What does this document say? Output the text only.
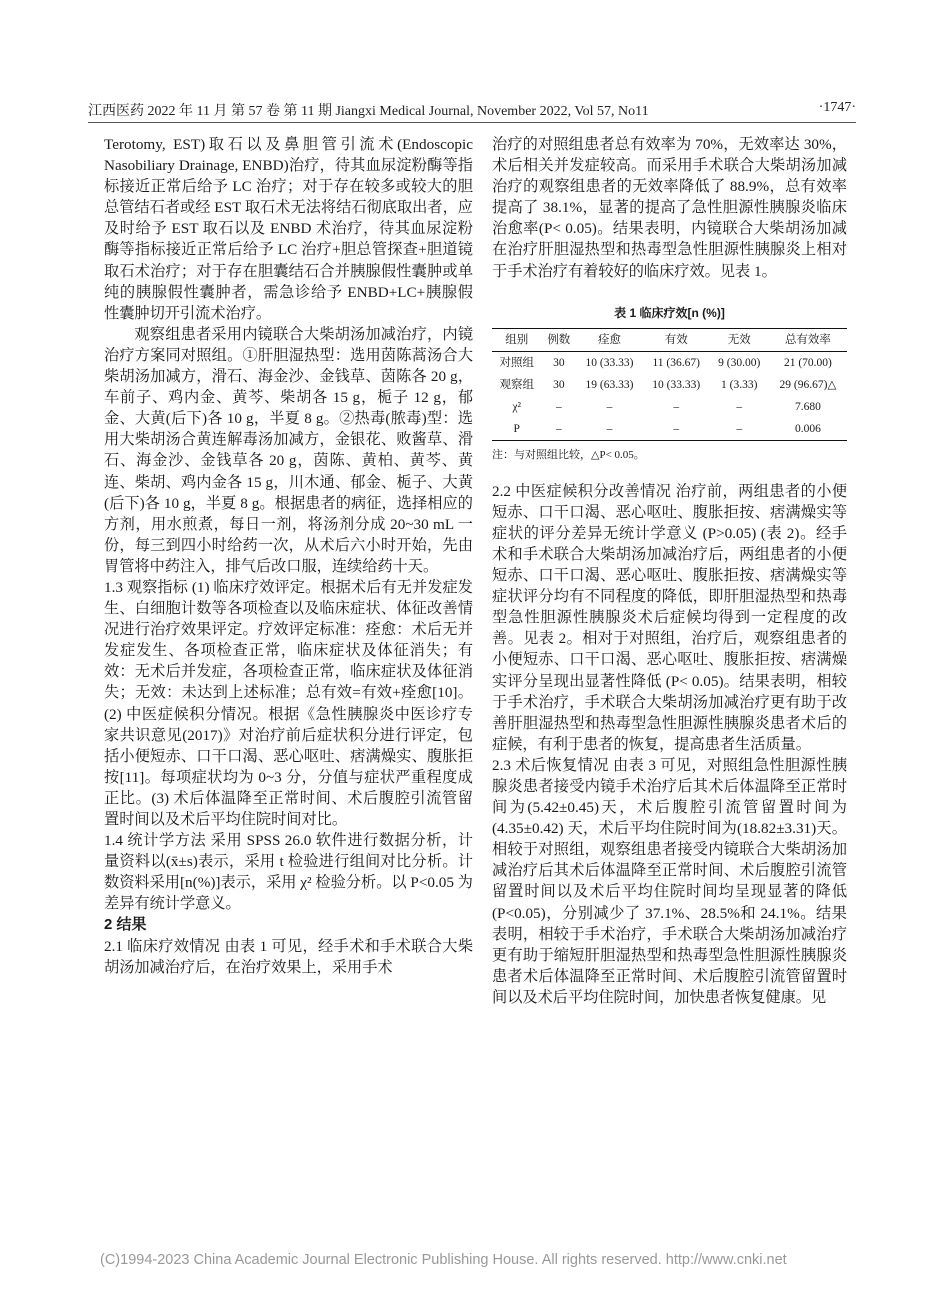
江西医药 2022 年 11 月 第 57 卷 第 11 期 Jiangxi Medical Journal, November 2022, Vol 57, No11	·1747·

Terotomy, EST)取石以及鼻胆管引流术(Endoscopic Nasobiliary Drainage, ENBD)治疗，待其血尿淀粉酶等指标接近正常后给予 LC 治疗；对于存在较多或较大的胆总管结石者或经 EST 取石术无法将结石彻底取出者，应及时给予 EST 取石以及 ENBD 术治疗，待其血尿淀粉酶等指标接近正常后给予 LC 治疗+胆总管探查+胆道镜取石术治疗；对于存在胆囊结石合并胰腺假性囊肿或单纯的胰腺假性囊肿者，需急诊给予 ENBD+LC+胰腺假性囊肿切开引流术治疗。

观察组患者采用内镜联合大柴胡汤加减治疗，内镜治疗方案同对照组。①肝胆湿热型：选用茵陈蒿汤合大柴胡汤加减方，滑石、海金沙、金钱草、茵陈各 20 g，车前子、鸡内金、黄芩、柴胡各 15 g，栀子 12 g，郁金、大黄(后下)各 10 g，半夏 8 g。②热毒(脓毒)型：选用大柴胡汤合黄连解毒汤加减方，金银花、败酱草、滑石、海金沙、金钱草各 20 g，茵陈、黄柏、黄芩、黄连、柴胡、鸡内金各 15 g，川木通、郁金、栀子、大黄(后下)各 10 g，半夏 8 g。根据患者的病征，选择相应的方剂，用水煎煮，每日一剂，将汤剂分成 20~30 mL 一份，每三到四小时给药一次，从术后六小时开始，先由胃管将中药注入，排气后改口服，连续给药十天。

1.3 观察指标 (1) 临床疗效评定。根据术后有无并发症发生、白细胞计数等各项检查以及临床症状、体征改善情况进行治疗效果评定。疗效评定标准：痊愈：术后无并发症发生、各项检查正常，临床症状及体征消失；有效：无术后并发症，各项检查正常，临床症状及体征消失；无效：未达到上述标准；总有效=有效+痊愈[10]。(2) 中医症候积分情况。根据《急性胰腺炎中医诊疗专家共识意见(2017)》对治疗前后症状积分进行评定，包括小便短赤、口干口渴、恶心呕吐、痞满燥实、腹胀拒按[11]。每项症状均为 0~3 分，分值与症状严重程度成正比。(3) 术后体温降至正常时间、术后腹腔引流管留置时间以及术后平均住院时间对比。

1.4 统计学方法 采用 SPSS 26.0 软件进行数据分析，计量资料以(x̄±s)表示，采用 t 检验进行组间对比分析。计数资料采用[n(%)]表示，采用 χ² 检验分析。以 P<0.05 为差异有统计学意义。

2 结果

2.1 临床疗效情况 由表 1 可见，经手术和手术联合大柴胡汤加减治疗后，在治疗效果上，采用手术

治疗的对照组患者总有效率为 70%，无效率达 30%，术后相关并发症较高。而采用手术联合大柴胡汤加减治疗的观察组患者的无效率降低了 88.9%，总有效率提高了 38.1%，显著的提高了急性胆源性胰腺炎临床治愈率(P< 0.05)。结果表明，内镜联合大柴胡汤加减在治疗肝胆湿热型和热毒型急性胆源性胰腺炎上相对于手术治疗有着较好的临床疗效。见表 1。

表 1 临床疗效[n (%)]
组别	例数	痊愈	有效	无效	总有效率
对照组	30	10 (33.33)	11 (36.67)	9 (30.00)	21 (70.00)
观察组	30	19 (63.33)	10 (33.33)	1 (3.33)	29 (96.67)△
χ²	–	–	–	–	7.680
P	–	–	–	–	0.006
注：与对照组比较，△P< 0.05。

2.2 中医症候积分改善情况 治疗前，两组患者的小便短赤、口干口渴、恶心呕吐、腹胀拒按、痞满燥实等症状的评分差异无统计学意义 (P>0.05) (表 2)。经手术和手术联合大柴胡汤加减治疗后，两组患者的小便短赤、口干口渴、恶心呕吐、腹胀拒按、痞满燥实等症状评分均有不同程度的降低，即肝胆湿热型和热毒型急性胆源性胰腺炎术后症候均得到一定程度的改善。见表 2。相对于对照组，治疗后，观察组患者的小便短赤、口干口渴、恶心呕吐、腹胀拒按、痞满燥实评分呈现出显著性降低 (P< 0.05)。结果表明，相较于手术治疗，手术联合大柴胡汤加减治疗更有助于改善肝胆湿热型和热毒型急性胆源性胰腺炎患者术后的症候，有利于患者的恢复，提高患者生活质量。

2.3 术后恢复情况 由表 3 可见，对照组急性胆源性胰腺炎患者接受内镜手术治疗后其术后体温降至正常时间为(5.42±0.45)天，术后腹腔引流管留置时间为 (4.35±0.42) 天，术后平均住院时间为(18.82±3.31)天。相较于对照组，观察组患者接受内镜联合大柴胡汤加减治疗后其术后体温降至正常时间、术后腹腔引流管留置时间以及术后平均住院时间均呈现显著的降低(P<0.05)，分别减少了 37.1%、28.5%和 24.1%。结果表明，相较于手术治疗，手术联合大柴胡汤加减治疗更有助于缩短肝胆湿热型和热毒型急性胆源性胰腺炎患者术后体温降至正常时间、术后腹腔引流管留置时间以及术后平均住院时间，加快患者恢复健康。见

(C)1994-2023 China Academic Journal Electronic Publishing House. All rights reserved. http://www.cnki.net
